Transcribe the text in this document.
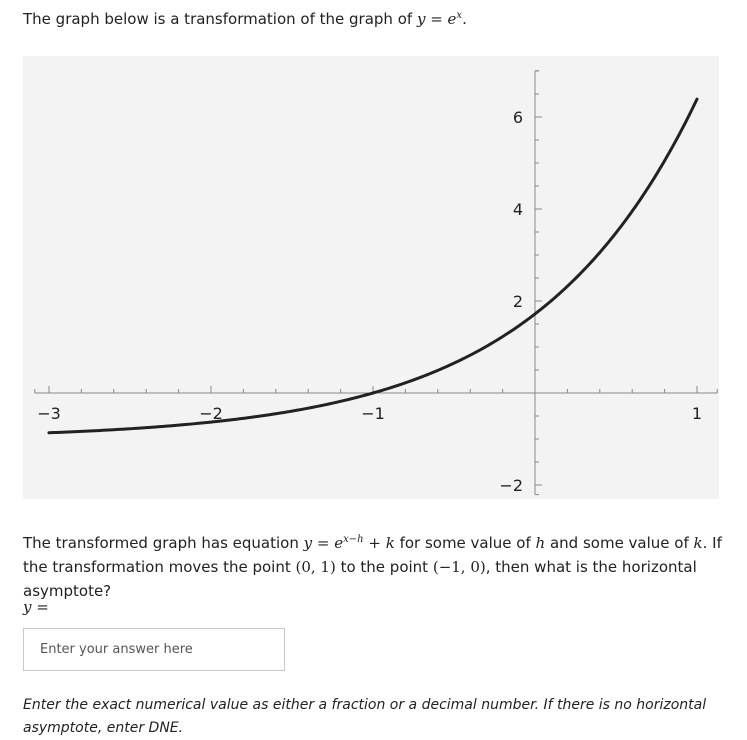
The graph below is a transformation of the graph of $y = e^x$.
−3	−2	−1	1
−2
2
4
6
The transformed graph has equation $y = e^{x-h} + k$ for some value of h and some value of k. If the transformation moves the point (0, 1) to the point (−1, 0), then what is the horizontal asymptote?
y =
Enter your answer here
Enter the exact numerical value as either a fraction or a decimal number. If there is no horizontal asymptote, enter DNE.
